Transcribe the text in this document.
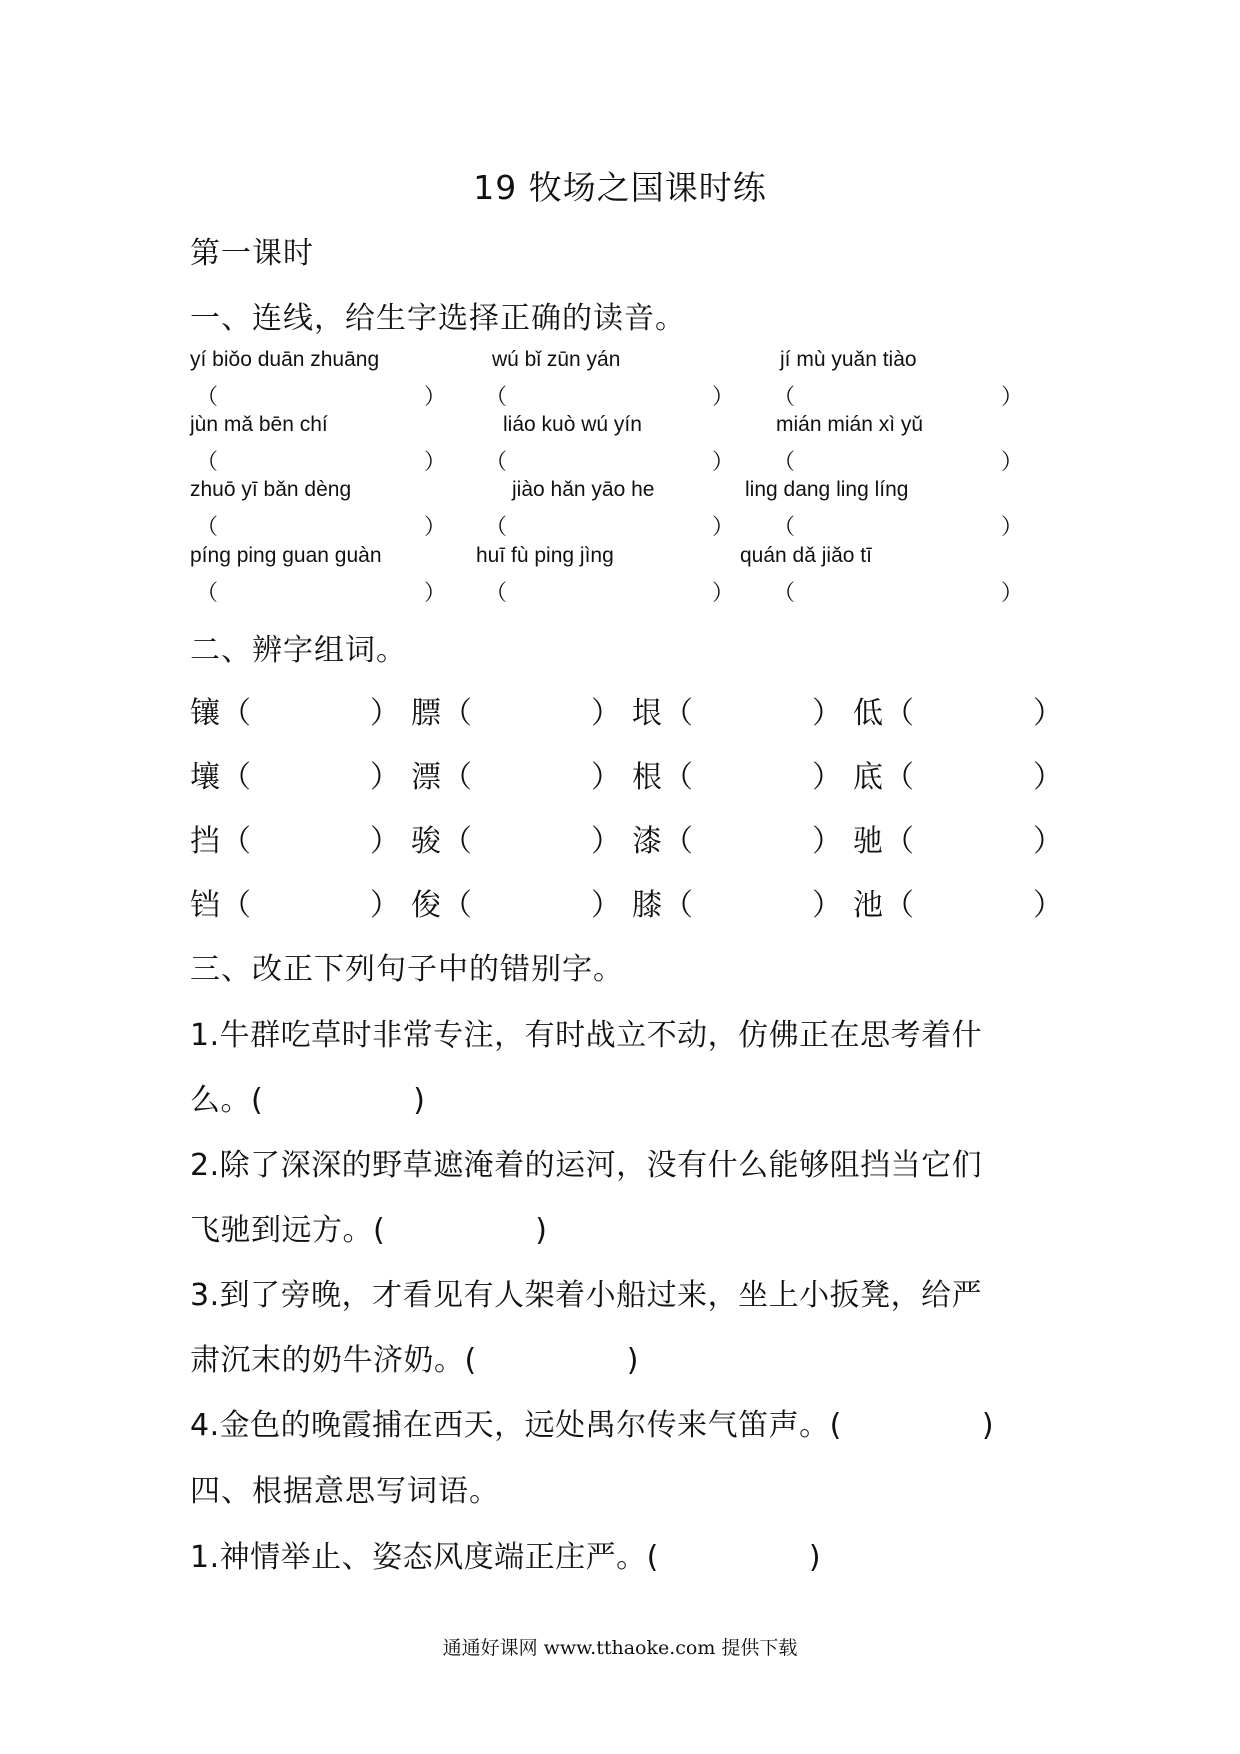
19 牧场之国课时练
第一课时
一、连线，给生字选择正确的读音。
yí biǒo duān zhuāng	wú bǐ zūn yán	jí mù yuǎn tiào
（	） （	） （	）
jùn mǎ bēn chí	liáo kuò wú yín	mián mián xì yǔ
（	） （	） （	）
zhuō yī bǎn dèng	jiào hǎn yāo he	ling dang ling líng
（	） （	） （	）
píng ping guan guàn	huī fù ping jìng	quán dǎ jiǎo tī
（	） （	） （	）
二、辨字组词。
镶 （	） 膘 （	） 垠 （	） 低 （	）
壤 （	） 漂 （	） 根 （	） 底 （	）
挡 （	） 骏 （	） 漆 （	） 驰 （	）
铛 （	） 俊 （	） 膝 （	） 池 （	）
三、改正下列句子中的错别字。
1.牛群吃草时非常专注，有时战立不动，仿佛正在思考着什
么。(	)
2.除了深深的野草遮淹着的运河，没有什么能够阻挡当它们
飞驰到远方。(	)
3.到了旁晚，才看见有人架着小船过来，坐上小扳凳，给严
肃沉末的奶牛济奶。(	)
4.金色的晚霞捕在西天，远处禺尔传来气笛声。(	)
四、根据意思写词语。
1.神情举止、姿态风度端正庄严。(	)
通通好课网 www.tthaoke.com 提供下载
